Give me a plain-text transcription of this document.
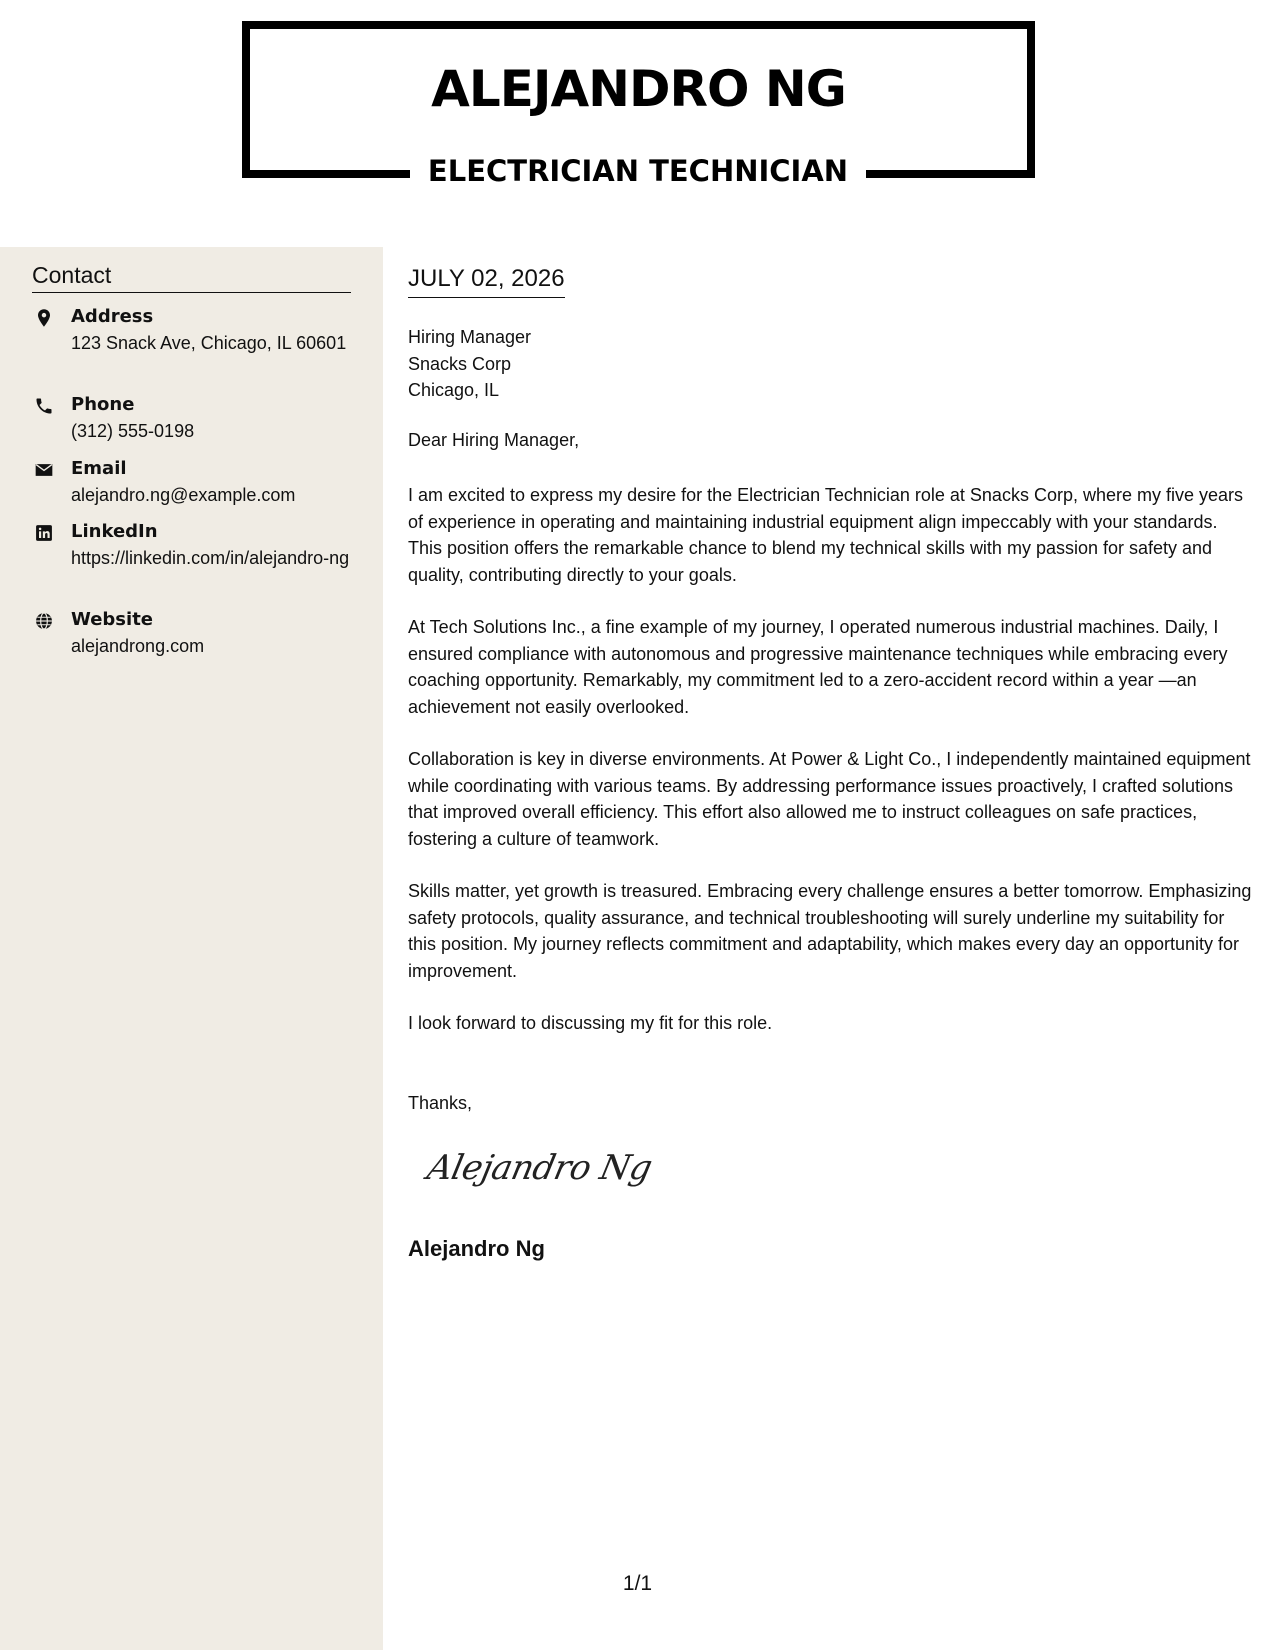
ALEJANDRO NG
ELECTRICIAN TECHNICIAN
Contact
Address
123 Snack Ave, Chicago, IL 60601
Phone
(312) 555-0198
Email
alejandro.ng@example.com
LinkedIn
https://linkedin.com/in/alejandro-ng
Website
alejandrong.com
JULY 02, 2026
Hiring Manager
Snacks Corp
Chicago, IL
Dear Hiring Manager,
I am excited to express my desire for the Electrician Technician role at Snacks Corp, where my five years of experience in operating and maintaining industrial equipment align impeccably with your standards. This position offers the remarkable chance to blend my technical skills with my passion for safety and quality, contributing directly to your goals.
At Tech Solutions Inc., a fine example of my journey, I operated numerous industrial machines. Daily, I ensured compliance with autonomous and progressive maintenance techniques while embracing every coaching opportunity. Remarkably, my commitment led to a zero-accident record within a year —an achievement not easily overlooked.
Collaboration is key in diverse environments. At Power & Light Co., I independently maintained equipment while coordinating with various teams. By addressing performance issues proactively, I crafted solutions that improved overall efficiency. This effort also allowed me to instruct colleagues on safe practices, fostering a culture of teamwork.
Skills matter, yet growth is treasured. Embracing every challenge ensures a better tomorrow. Emphasizing safety protocols, quality assurance, and technical troubleshooting will surely underline my suitability for this position. My journey reflects commitment and adaptability, which makes every day an opportunity for improvement.
I look forward to discussing my fit for this role.
Thanks,
Alejandro Ng
Alejandro Ng
1/1
